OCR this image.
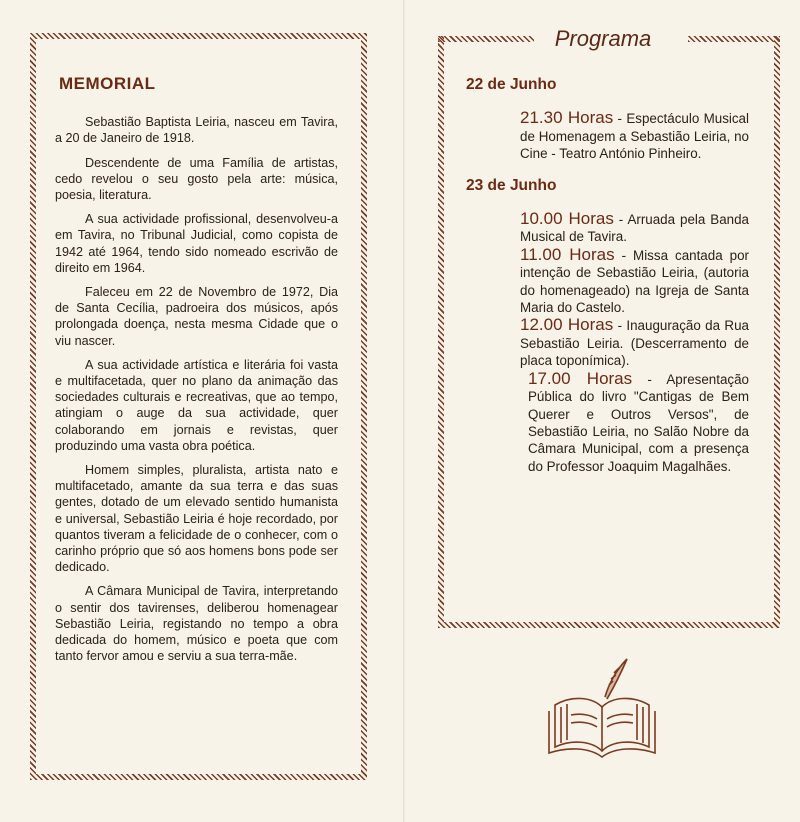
MEMORIAL

Sebastião Baptista Leiria, nasceu em Tavira, a 20 de Janeiro de 1918.

Descendente de uma Família de artistas, cedo revelou o seu gosto pela arte: música, poesia, literatura.

A sua actividade profissional, desenvolveu-a em Tavira, no Tribunal Judicial, como copista de 1942 até 1964, tendo sido nomeado escrivão de direito em 1964.

Faleceu em 22 de Novembro de 1972, Dia de Santa Cecília, padroeira dos músicos, após prolongada doença, nesta mesma Cidade que o viu nascer.

A sua actividade artística e literária foi vasta e multifacetada, quer no plano da animação das sociedades culturais e recreativas, que ao tempo, atingiam o auge da sua actividade, quer colaborando em jornais e revistas, quer produzindo uma vasta obra poética.

Homem simples, pluralista, artista nato e multifacetado, amante da sua terra e das suas gentes, dotado de um elevado sentido humanista e universal, Sebastião Leiria é hoje recordado, por quantos tiveram a felicidade de o conhecer, com o carinho próprio que só aos homens bons pode ser dedicado.

A Câmara Municipal de Tavira, interpretando o sentir dos tavirenses, deliberou homenagear Sebastião Leiria, registando no tempo a obra dedicada do homem, músico e poeta que com tanto fervor amou e serviu a sua terra-mãe.

Programa
22 de Junho

21.30 Horas - Espectáculo Musical de Homenagem a Sebastião Leiria, no Cine - Teatro António Pinheiro.

23 de Junho

10.00 Horas - Arruada pela Banda Musical de Tavira.

11.00 Horas - Missa cantada por intenção de Sebastião Leiria, (autoria do homenageado) na Igreja de Santa Maria do Castelo.

12.00 Horas - Inauguração da Rua Sebastião Leiria. (Descerramento de placa toponímica).

17.00 Horas - Apresentação Pública do livro "Cantigas de Bem Querer e Outros Versos", de Sebastião Leiria, no Salão Nobre da Câmara Municipal, com a presença do Professor Joaquim Magalhães.
